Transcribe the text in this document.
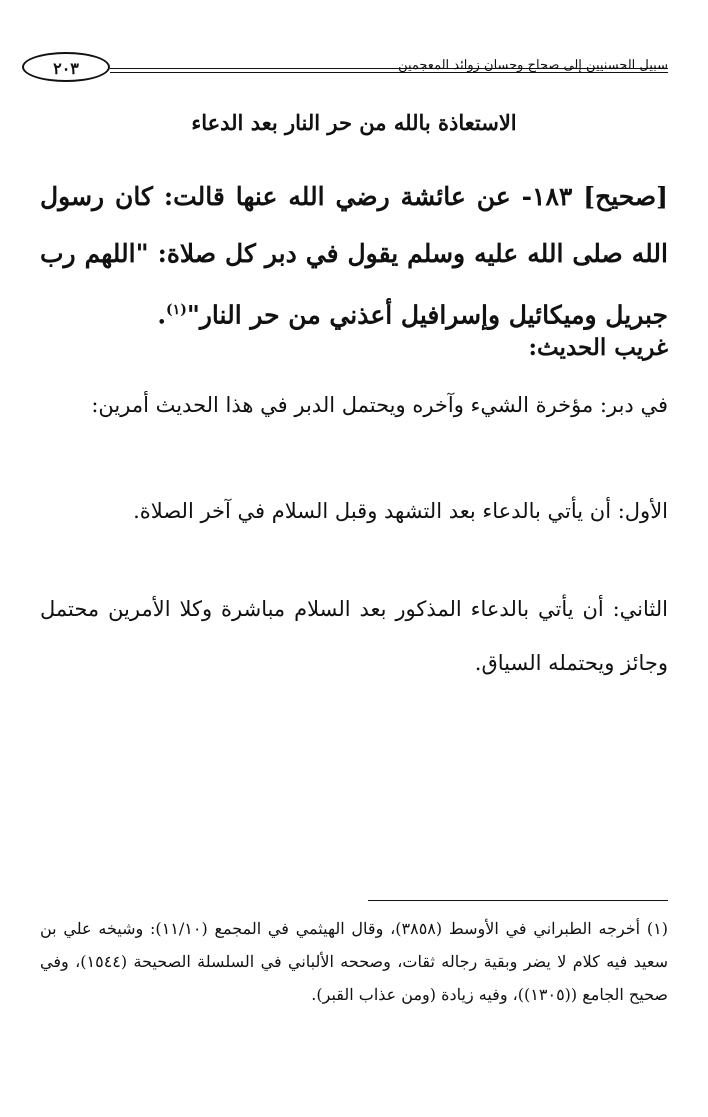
سبيل الحسنيين إلى صحاح وحسان زوائد المعجمين
٢٠٣
الاستعاذة بالله من حر النار بعد الدعاء
[صحيح] ١٨٣- عن عائشة رضي الله عنها قالت: كان رسول الله صلى الله عليه وسلم يقول في دبر كل صلاة: "اللهم رب جبريل وميكائيل وإسرافيل أعذني من حر النار"$^{(١)}$.
غريب الحديث:
في دبر: مؤخرة الشيء وآخره ويحتمل الدبر في هذا الحديث أمرين:
الأول: أن يأتي بالدعاء بعد التشهد وقبل السلام في آخر الصلاة.
الثاني: أن يأتي بالدعاء المذكور بعد السلام مباشرة وكلا الأمرين محتمل وجائز ويحتمله السياق.
(١) أخرجه الطبراني في الأوسط (٣٨٥٨)، وقال الهيثمي في المجمع (١١/١٠): وشيخه علي بن سعيد فيه كلام لا يضر وبقية رجاله ثقات، وصححه الألباني في السلسلة الصحيحة (١٥٤٤)، وفي صحيح الجامع ((١٣٠٥))، وفيه زيادة (ومن عذاب القبر).
